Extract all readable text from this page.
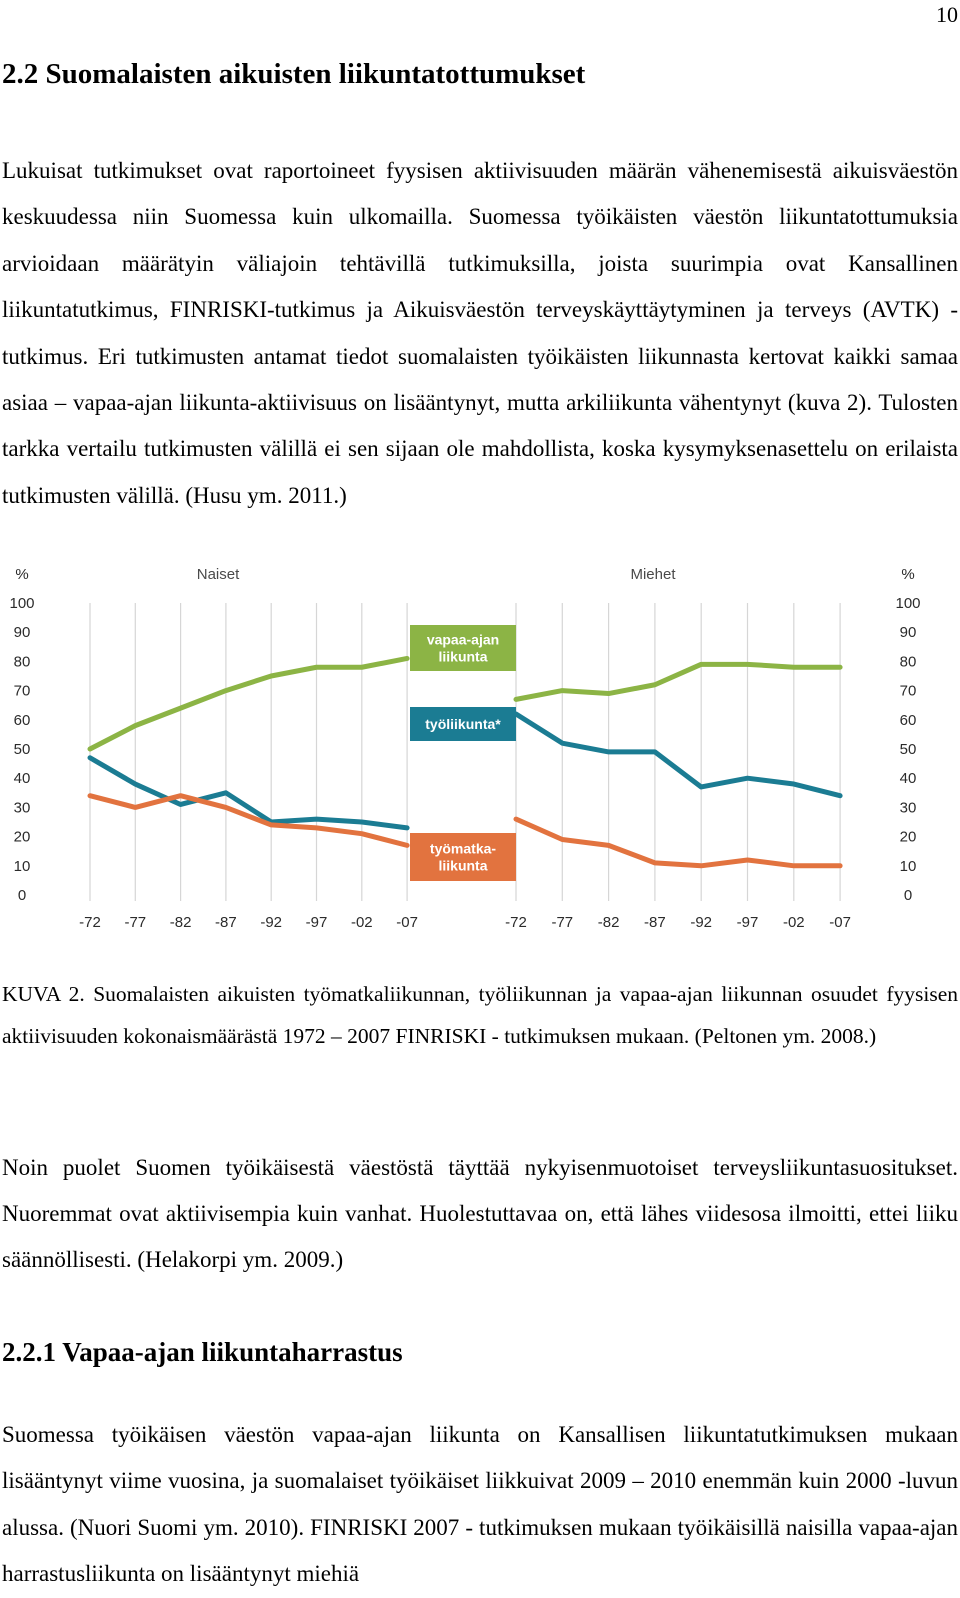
10
2.2 Suomalaisten aikuisten liikuntatottumukset

Lukuisat tutkimukset ovat raportoineet fyysisen aktiivisuuden määrän vähenemisestä aikuisväestön keskuudessa niin Suomessa kuin ulkomailla. Suomessa työikäisten väestön liikuntatottumuksia arvioidaan määrätyin väliajoin tehtävillä tutkimuksilla, joista suurimpia ovat Kansallinen liikuntatutkimus, FINRISKI-tutkimus ja Aikuisväestön terveyskäyttäytyminen ja terveys (AVTK) -tutkimus. Eri tutkimusten antamat tiedot suomalaisten työikäisten liikunnasta kertovat kaikki samaa asiaa – vapaa-ajan liikunta-aktiivisuus on lisääntynyt, mutta arkiliikunta vähentynyt (kuva 2). Tulosten tarkka vertailu tutkimusten välillä ei sen sijaan ole mahdollista, koska kysymyksenasettelu on erilaista tutkimusten välillä. (Husu ym. 2011.)

-72 -77 -82 -87 -92 -97 -02 -07
Naiset
-72 -77 -82 -87 -92 -97 -02 -07
Miehet
%
0
10
20
30
40
50
60
70
80
90
100
%
0
10
20
30
40
50
60
70
80
90
100
vapaa-ajan liikunta
työliikunta*
työmatka-liikunta

KUVA 2. Suomalaisten aikuisten työmatkaliikunnan, työliikunnan ja vapaa-ajan liikunnan osuudet fyysisen aktiivisuuden kokonaismäärästä 1972 – 2007 FINRISKI - tutkimuksen mukaan. (Peltonen ym. 2008.)

Noin puolet Suomen työikäisestä väestöstä täyttää nykyisenmuotoiset terveysliikuntasuositukset. Nuoremmat ovat aktiivisempia kuin vanhat. Huolestuttavaa on, että lähes viidesosa ilmoitti, ettei liiku säännöllisesti. (Helakorpi ym. 2009.)

2.2.1 Vapaa-ajan liikuntaharrastus

Suomessa työikäisen väestön vapaa-ajan liikunta on Kansallisen liikuntatutkimuksen mukaan lisääntynyt viime vuosina, ja suomalaiset työikäiset liikkuivat 2009 – 2010 enemmän kuin 2000 -luvun alussa. (Nuori Suomi ym. 2010). FINRISKI 2007 - tutkimuksen mukaan työikäisillä naisilla vapaa-ajan harrastusliikunta on lisääntynyt miehiä
